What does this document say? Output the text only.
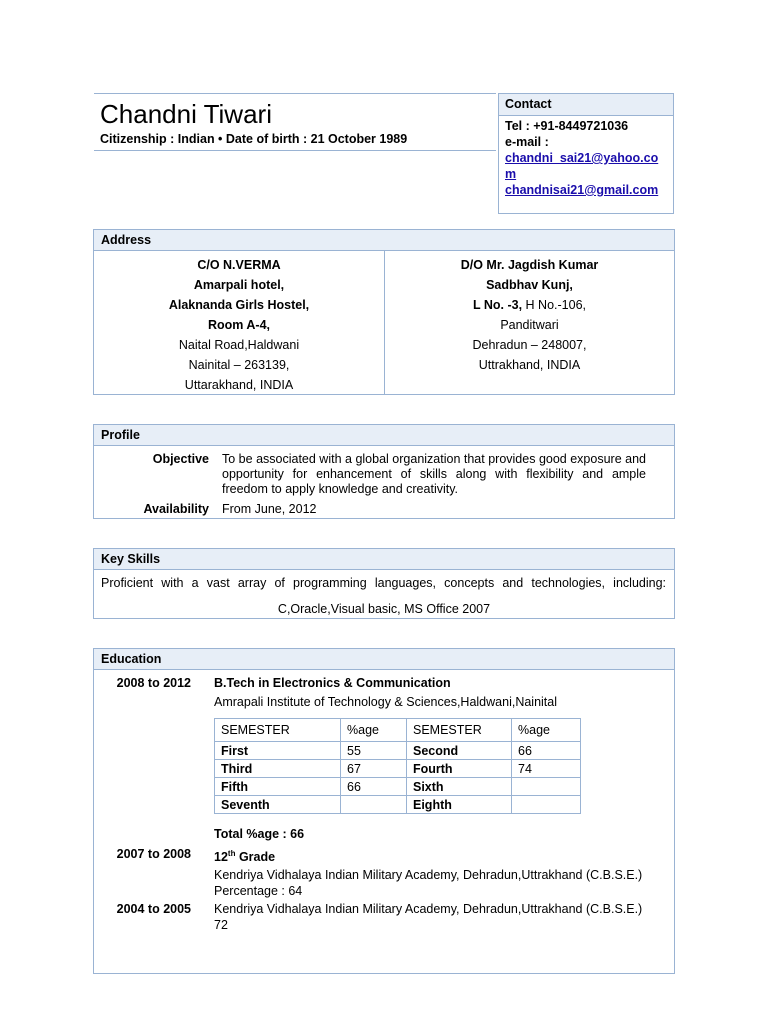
Chandni Tiwari
Citizenship : Indian • Date of birth : 21 October 1989
Contact
Tel : +91-8449721036
e-mail :
chandni_sai21@yahoo.com
chandnisai21@gmail.com
Address
C/O N.VERMA
Amarpali hotel,
Alaknanda Girls Hostel,
Room A-4,
Naital Road,Haldwani
Nainital – 263139,
Uttarakhand, INDIA
D/O Mr. Jagdish Kumar
Sadbhav Kunj,
L No. -3, H No.-106,
Panditwari
Dehradun – 248007,
Uttrakhand, INDIA
Profile
Objective	To be associated with a global organization that provides good exposure and opportunity for enhancement of skills along with flexibility and ample freedom to apply knowledge and creativity.
Availability	From June, 2012
Key Skills
Proficient with a vast array of programming languages, concepts and technologies, including:
C,Oracle,Visual basic, MS Office 2007
Education
2008 to 2012	B.Tech in Electronics & Communication
Amrapali Institute of Technology & Sciences,Haldwani,Nainital
SEMESTER	%age	SEMESTER	%age
First	55	Second	66
Third	67	Fourth	74
Fifth	66	Sixth	
Seventh		Eighth	
Total %age : 66
2007 to 2008	12th Grade
Kendriya Vidhalaya Indian Military Academy, Dehradun,Uttrakhand (C.B.S.E.)
Percentage : 64
2004 to 2005	Kendriya Vidhalaya Indian Military Academy, Dehradun,Uttrakhand (C.B.S.E.)
72
